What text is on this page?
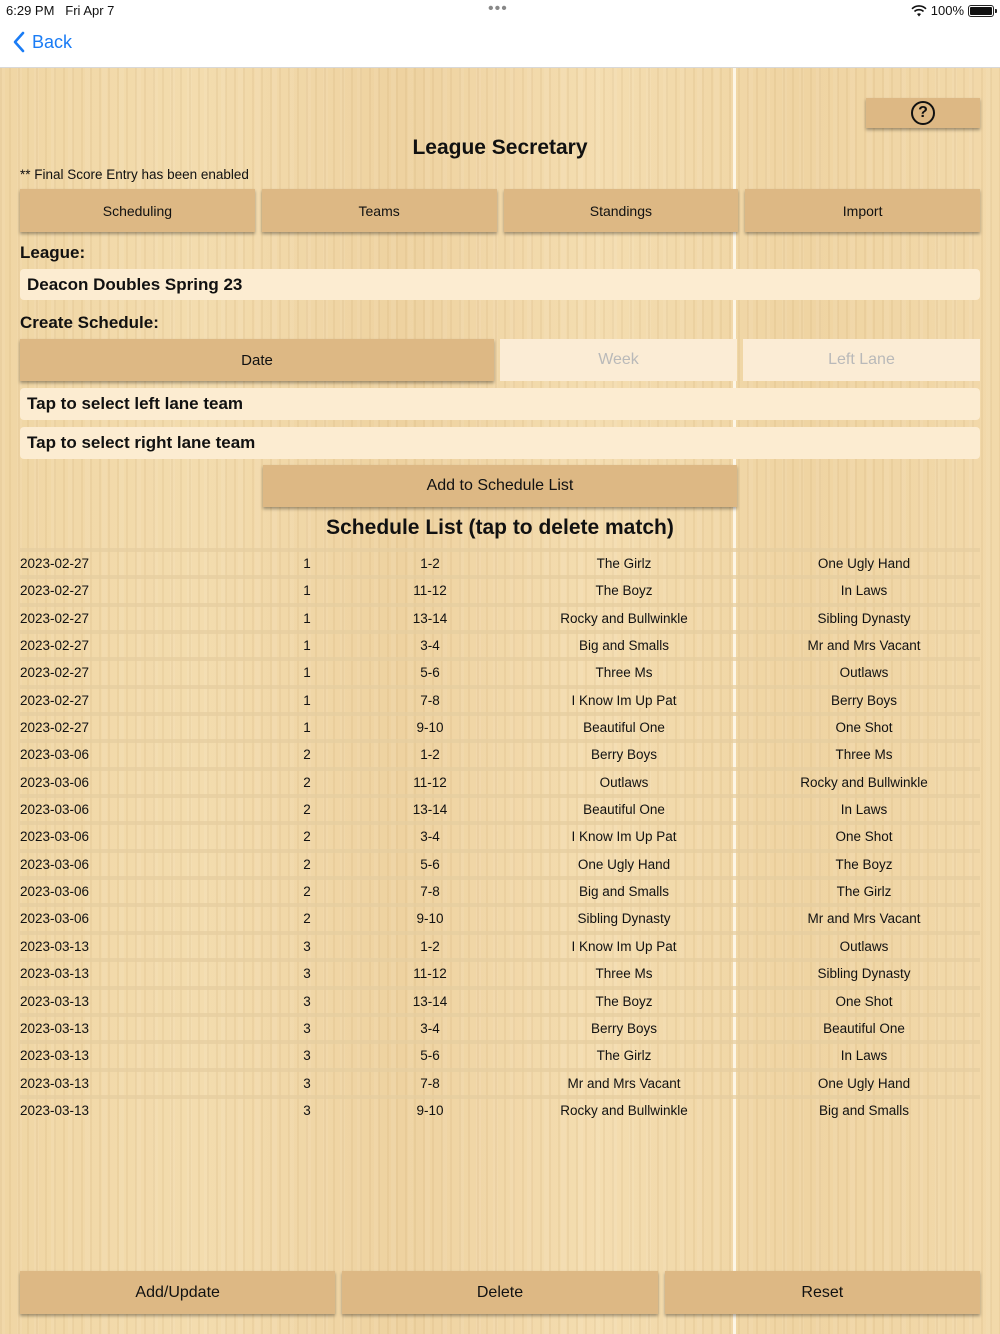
6:29 PM Fri Apr 7	•••	100%
Back
?
League Secretary
** Final Score Entry has been enabled
Scheduling	Teams	Standings	Import
League:
Deacon Doubles Spring 23
Create Schedule:
Date	Week	Left Lane
Tap to select left lane team
Tap to select right lane team
Add to Schedule List
Schedule List (tap to delete match)
2023-02-27	1	1-2	The Girlz	One Ugly Hand
2023-02-27	1	11-12	The Boyz	In Laws
2023-02-27	1	13-14	Rocky and Bullwinkle	Sibling Dynasty
2023-02-27	1	3-4	Big and Smalls	Mr and Mrs Vacant
2023-02-27	1	5-6	Three Ms	Outlaws
2023-02-27	1	7-8	I Know Im Up Pat	Berry Boys
2023-02-27	1	9-10	Beautiful One	One Shot
2023-03-06	2	1-2	Berry Boys	Three Ms
2023-03-06	2	11-12	Outlaws	Rocky and Bullwinkle
2023-03-06	2	13-14	Beautiful One	In Laws
2023-03-06	2	3-4	I Know Im Up Pat	One Shot
2023-03-06	2	5-6	One Ugly Hand	The Boyz
2023-03-06	2	7-8	Big and Smalls	The Girlz
2023-03-06	2	9-10	Sibling Dynasty	Mr and Mrs Vacant
2023-03-13	3	1-2	I Know Im Up Pat	Outlaws
2023-03-13	3	11-12	Three Ms	Sibling Dynasty
2023-03-13	3	13-14	The Boyz	One Shot
2023-03-13	3	3-4	Berry Boys	Beautiful One
2023-03-13	3	5-6	The Girlz	In Laws
2023-03-13	3	7-8	Mr and Mrs Vacant	One Ugly Hand
2023-03-13	3	9-10	Rocky and Bullwinkle	Big and Smalls
Add/Update	Delete	Reset
